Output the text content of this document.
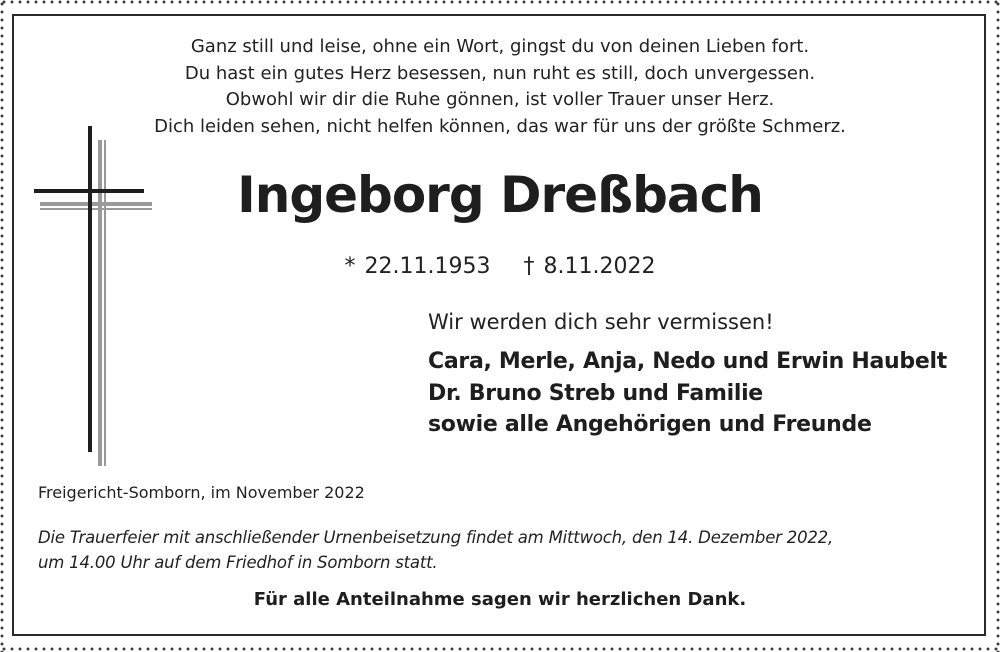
Ganz still und leise, ohne ein Wort, gingst du von deinen Lieben fort.
Du hast ein gutes Herz besessen, nun ruht es still, doch unvergessen.
Obwohl wir dir die Ruhe gönnen, ist voller Trauer unser Herz.
Dich leiden sehen, nicht helfen können, das war für uns der größte Schmerz.
Ingeborg Dreßbach
* 22.11.1953 † 8.11.2022
Wir werden dich sehr vermissen!
Cara, Merle, Anja, Nedo und Erwin Haubelt
Dr. Bruno Streb und Familie
sowie alle Angehörigen und Freunde
Freigericht-Somborn, im November 2022
Die Trauerfeier mit anschließender Urnenbeisetzung findet am Mittwoch, den 14. Dezember 2022,
um 14.00 Uhr auf dem Friedhof in Somborn statt.
Für alle Anteilnahme sagen wir herzlichen Dank.
